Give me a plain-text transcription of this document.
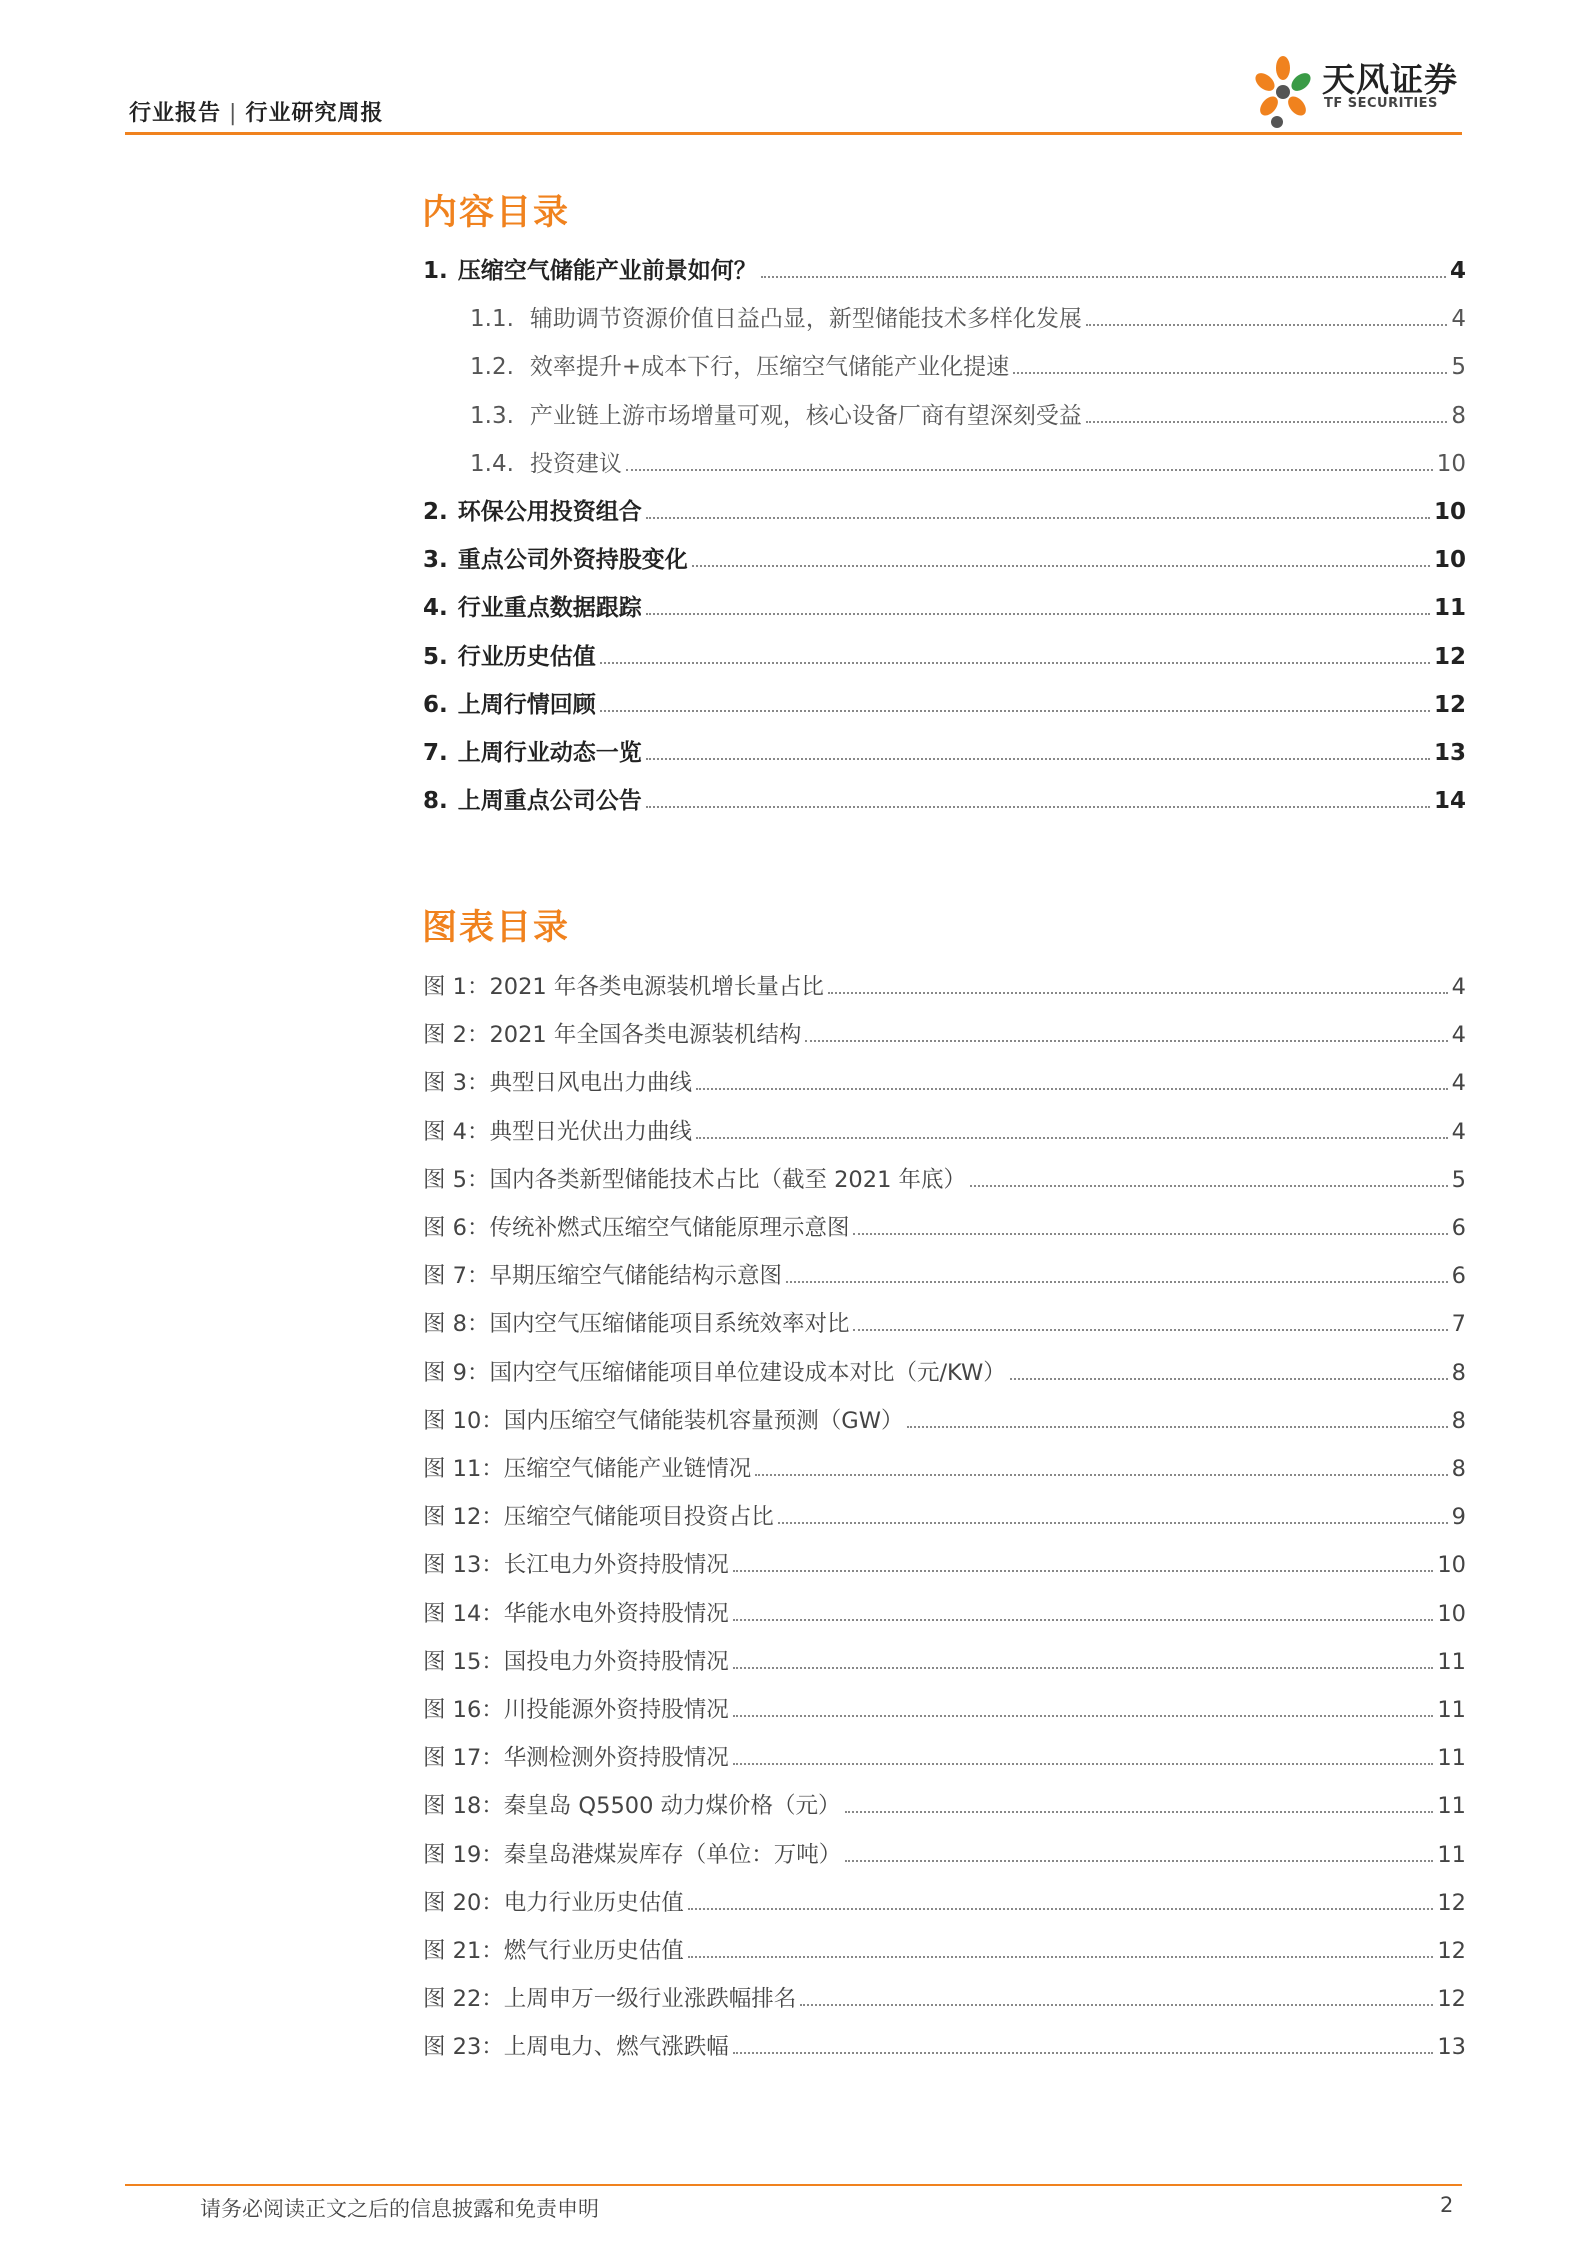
行业报告 | 行业研究周报
天风证券
TF SECURITIES
内容目录
1. 压缩空气储能产业前景如何？	4
1.1. 辅助调节资源价值日益凸显，新型储能技术多样化发展	4
1.2. 效率提升+成本下行，压缩空气储能产业化提速	5
1.3. 产业链上游市场增量可观，核心设备厂商有望深刻受益	8
1.4. 投资建议	10
2. 环保公用投资组合	10
3. 重点公司外资持股变化	10
4. 行业重点数据跟踪	11
5. 行业历史估值	12
6. 上周行情回顾	12
7. 上周行业动态一览	13
8. 上周重点公司公告	14
图表目录
图 1：2021 年各类电源装机增长量占比	4
图 2：2021 年全国各类电源装机结构	4
图 3：典型日风电出力曲线	4
图 4：典型日光伏出力曲线	4
图 5：国内各类新型储能技术占比（截至 2021 年底）	5
图 6：传统补燃式压缩空气储能原理示意图	6
图 7：早期压缩空气储能结构示意图	6
图 8：国内空气压缩储能项目系统效率对比	7
图 9：国内空气压缩储能项目单位建设成本对比（元/KW）	8
图 10：国内压缩空气储能装机容量预测（GW）	8
图 11：压缩空气储能产业链情况	8
图 12：压缩空气储能项目投资占比	9
图 13：长江电力外资持股情况	10
图 14：华能水电外资持股情况	10
图 15：国投电力外资持股情况	11
图 16：川投能源外资持股情况	11
图 17：华测检测外资持股情况	11
图 18：秦皇岛 Q5500 动力煤价格（元）	11
图 19：秦皇岛港煤炭库存（单位：万吨）	11
图 20：电力行业历史估值	12
图 21：燃气行业历史估值	12
图 22：上周申万一级行业涨跌幅排名	12
图 23：上周电力、燃气涨跌幅	13
请务必阅读正文之后的信息披露和免责申明	2
